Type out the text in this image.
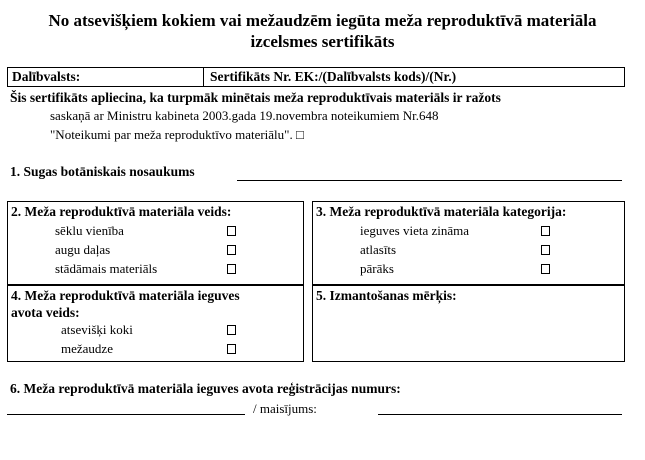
No atsevišķiem kokiem vai mežaudzēm iegūta meža reproduktīvā materiāla
izcelsmes sertifikāts
Dalībvalsts:	Sertifikāts Nr. EK:/(Dalībvalsts kods)/(Nr.)
Šis sertifikāts apliecina, ka turpmāk minētais meža reproduktīvais materiāls ir ražots
saskaņā ar Ministru kabineta 2003.gada 19.novembra noteikumiem Nr.648
"Noteikumi par meža reproduktīvo materiālu". □
1. Sugas botāniskais nosaukums
2. Meža reproduktīvā materiāla veids:
sēklu vienība
augu daļas
stādāmais materiāls
3. Meža reproduktīvā materiāla kategorija:
ieguves vieta zināma
atlasīts
pārāks
4. Meža reproduktīvā materiāla ieguves
avota veids:
atsevišķi koki
mežaudze
5. Izmantošanas mērķis:
6. Meža reproduktīvā materiāla ieguves avota reģistrācijas numurs:
/ maisījums:
